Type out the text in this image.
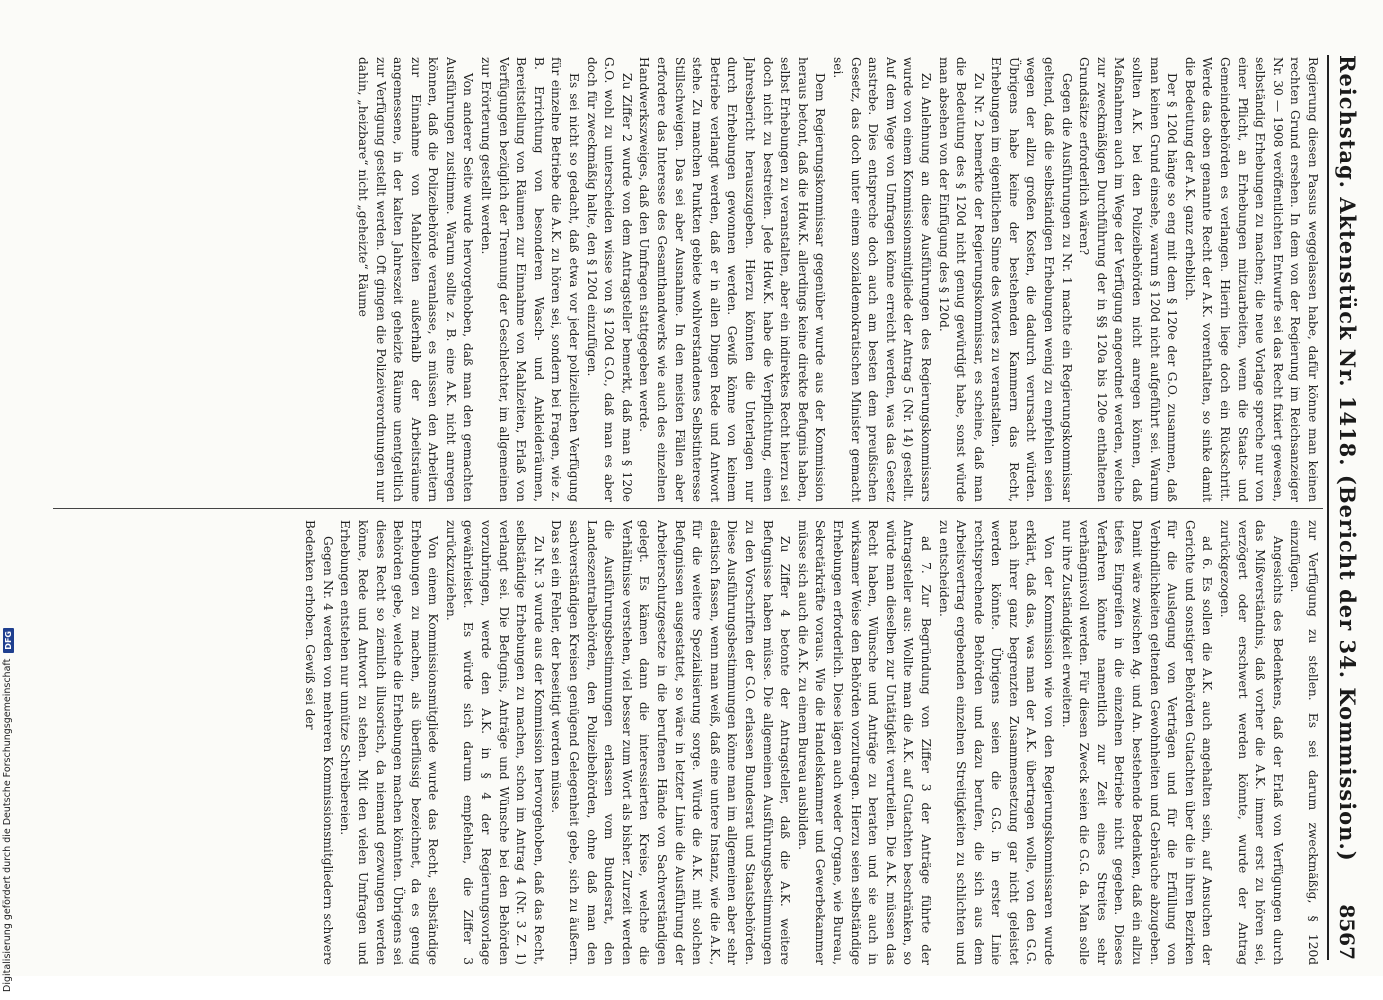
Reichstag. Aktenstück Nr. 1418. (Bericht der 34. Kommission.)
8567

Regierung diesen Passus weggelassen habe, dafür könne man keinen rechten Grund ersehen. In dem von der Regierung im Reichsanzeiger Nr. 30 — 1908 veröffentlichten Entwurfe sei das Recht fixiert gewesen, selbständig Erhebungen zu machen; die neue Vorlage spreche nur von einer Pflicht, an Erhebungen mitzuarbeiten, wenn die Staats- und Gemeindebehörden es verlangen. Hierin liege doch ein Rückschritt. Werde das oben genannte Recht der A.K. vorenthalten, so sinke damit die Bedeutung der A.K. ganz erheblich.

Der § 120d hänge so eng mit dem § 120e der G.O. zusammen, daß man keinen Grund einsehe, warum § 120d nicht aufgeführt sei. Warum sollten A.K. bei den Polizeibehörden nicht anregen können, daß Maßnahmen auch im Wege der Verfügung angeordnet werden, welche zur zweckmäßigen Durchführung der in §§ 120a bis 120e enthaltenen Grundsätze erforderlich wären?

Gegen die Ausführungen zu Nr. 1 machte ein Regierungskommissar geltend, daß die selbständigen Erhebungen wenig zu empfehlen seien wegen der allzu großen Kosten, die dadurch verursacht würden. Übrigens habe keine der bestehenden Kammern das Recht, Erhebungen im eigentlichen Sinne des Wortes zu veranstalten.

Zu Nr. 2 bemerkte der Regierungskommissar, es scheine, daß man die Bedeutung des § 120d nicht genug gewürdigt habe, sonst würde man absehen von der Einfügung des § 120d.

Zu Anlehnung an diese Ausführungen des Regierungskommissars wurde von einem Kommissionsmitgliede der Antrag 5 (Nr. 14) gestellt. Auf dem Wege von Umfragen könne erreicht werden, was das Gesetz anstrebe. Dies entspreche doch auch am besten dem preußischen Gesetz, das doch unter einem sozialdemokratischen Minister gemacht sei.

Dem Regierungskommissar gegenüber wurde aus der Kommission heraus betont, daß die Hdw.K. allerdings keine direkte Befugnis haben, selbst Erhebungen zu veranstalten, aber ein indirektes Recht hierzu sei doch nicht zu bestreiten. Jede Hdw.K. habe die Verpflichtung, einen Jahresbericht herauszugeben. Hierzu könnten die Unterlagen nur durch Erhebungen gewonnen werden. Gewiß könne von keinem Betriebe verlangt werden, daß er in allen Dingen Rede und Antwort stehe. Zu manchen Punkten gebiete wohlverstandenes Selbstinteresse Stillschweigen. Das sei aber Ausnahme. In den meisten Fällen aber erfordere das Interesse des Gesamthandwerks wie auch des einzelnen Handwerkszweiges, daß den Umfragen stattgegeben werde.

Zu Ziffer 2 wurde von dem Antragsteller bemerkt, daß man § 120e G.O. wohl zu unterscheiden wisse von § 120d G.O., daß man es aber doch für zweckmäßig halte, den § 120d einzufügen.

Es sei nicht so gedacht, daß etwa vor jeder polizeilichen Verfügung für einzelne Betriebe die A.K. zu hören sei, sondern bei Fragen, wie z. B. Errichtung von besonderen Wasch- und Ankleideräumen, Bereitstellung von Räumen zur Einnahme von Mahlzeiten, Erlaß von Verfügungen bezüglich der Trennung der Geschlechter, im allgemeinen zur Erörterung gestellt werden.

Von anderer Seite wurde hervorgehoben, daß man den gemachten Ausführungen zustimme. Warum sollte z. B. eine A.K. nicht anregen können, daß die Polizeibehörde veranlasse, es müssen den Arbeitern zur Einnahme von Mahlzeiten außerhalb der Arbeitsräume angemessene, in der kalten Jahreszeit geheizte Räume unentgeltlich zur Verfügung gestellt werden. Oft gingen die Polizeiverordnungen nur dahin, „heizbare“ nicht „geheizte“ Räume

zur Verfügung zu stellen. Es sei darum zweckmäßig, § 120d einzufügen.

Angesichts des Bedenkens, daß der Erlaß von Verfügungen durch das Mißverständnis, daß vorher die A.K. immer erst zu hören sei, verzögert oder erschwert werden könnte, wurde der Antrag zurückgezogen.

ad 6. Es sollen die A.K. auch angehalten sein, auf Ansuchen der Gerichte und sonstiger Behörden Gutachten über die in ihren Bezirken für die Auslegung von Verträgen und für die Erfüllung von Verbindlichkeiten geltenden Gewohnheiten und Gebräuche abzugeben. Damit wäre zwischen Ag. und An. bestehende Bedenken, daß ein allzu tiefes Eingreifen in die einzelnen Betriebe nicht gegeben. Dieses Verfahren könnte namentlich zur Zeit eines Streites sehr verhängnisvoll werden. Für diesen Zweck seien die G.G. da. Man solle nur ihre Zuständigkeit erweitern.

Von der Kommission wie von den Regierungskommissaren wurde erklärt, daß das, was man der A.K. übertragen wolle, von den G.G. nach ihrer ganz begrenzten Zusammensetzung gar nicht geleistet werden könnte. Übrigens seien die G.G. in erster Linie rechtsprechende Behörden und dazu berufen, die sich aus dem Arbeitsvertrag ergebenden einzelnen Streitigkeiten zu schlichten und zu entscheiden.

ad 7. Zur Begründung von Ziffer 3 der Anträge führte der Antragsteller aus: Wollte man die A.K. auf Gutachten beschränken, so würde man dieselben zur Untätigkeit verurteilen. Die A.K. müssen das Recht haben, Wünsche und Anträge zu beraten und sie auch in wirksamer Weise den Behörden vorzutragen. Hierzu seien selbständige Erhebungen erforderlich. Diese lägen auch weder Organe, wie Bureau, Sekretärkräfte voraus. Wie die Handelskammer und Gewerbekammer müsse sich auch die A.K. zu einem Bureau ausbilden.

Zu Ziffer 4 betonte der Antragsteller, daß die A.K. weitere Befugnisse haben müsse. Die allgemeinen Ausführungsbestimmungen zu den Vorschriften der G.O. erlassen Bundesrat und Staatsbehörden. Diese Ausführungsbestimmungen könne man im allgemeinen aber sehr elastisch fassen, wenn man weiß, daß eine untere Instanz, wie die A.K., für die weitere Spezialisierung sorge. Würde die A.K. mit solchen Befugnissen ausgestattet, so wäre in letzter Linie die Ausführung der Arbeiterschutzgesetze in die berufenen Hände von Sachverständigen gelegt. Es kämen dann die interessierten Kreise, welche die Verhältnisse verstehen, viel besser zum Wort als bisher. Zurzeit werden die Ausführungsbestimmungen erlassen vom Bundesrat, den Landeszentralbehörden, den Polizeibehörden, ohne daß man den sachverständigen Kreisen genügend Gelegenheit gebe, sich zu äußern. Das sei ein Fehler, der beseitigt werden müsse.

Zu Nr. 3 wurde aus der Kommission hervorgehoben, daß das Recht, selbständige Erhebungen zu machen, schon im Antrag 4 (Nr. 3 Z. 1) verlangt sei. Die Befugnis, Anträge und Wünsche bei den Behörden vorzubringen, werde den A.K. in § 4 der Regierungsvorlage gewährleistet. Es würde sich darum empfehlen, die Ziffer 3 zurückzuziehen.

Von einem Kommissionsmitgliede wurde das Recht, selbständige Erhebungen zu machen, als überflüssig bezeichnet, da es genug Behörden gebe, welche die Erhebungen machen könnten. Übrigens sei dieses Recht so ziemlich illusorisch, da niemand gezwungen werden könne, Rede und Antwort zu stehen. Mit den vielen Umfragen und Erhebungen entstehen nur unnütze Schreibereien.

Gegen Nr. 4 werden von mehreren Kommissionsmitgliedern schwere Bedenken erhoben. Gewiß sei der

Digitalisierung gefördert durch die Deutsche Forschungsgemeinschaft
DFG
